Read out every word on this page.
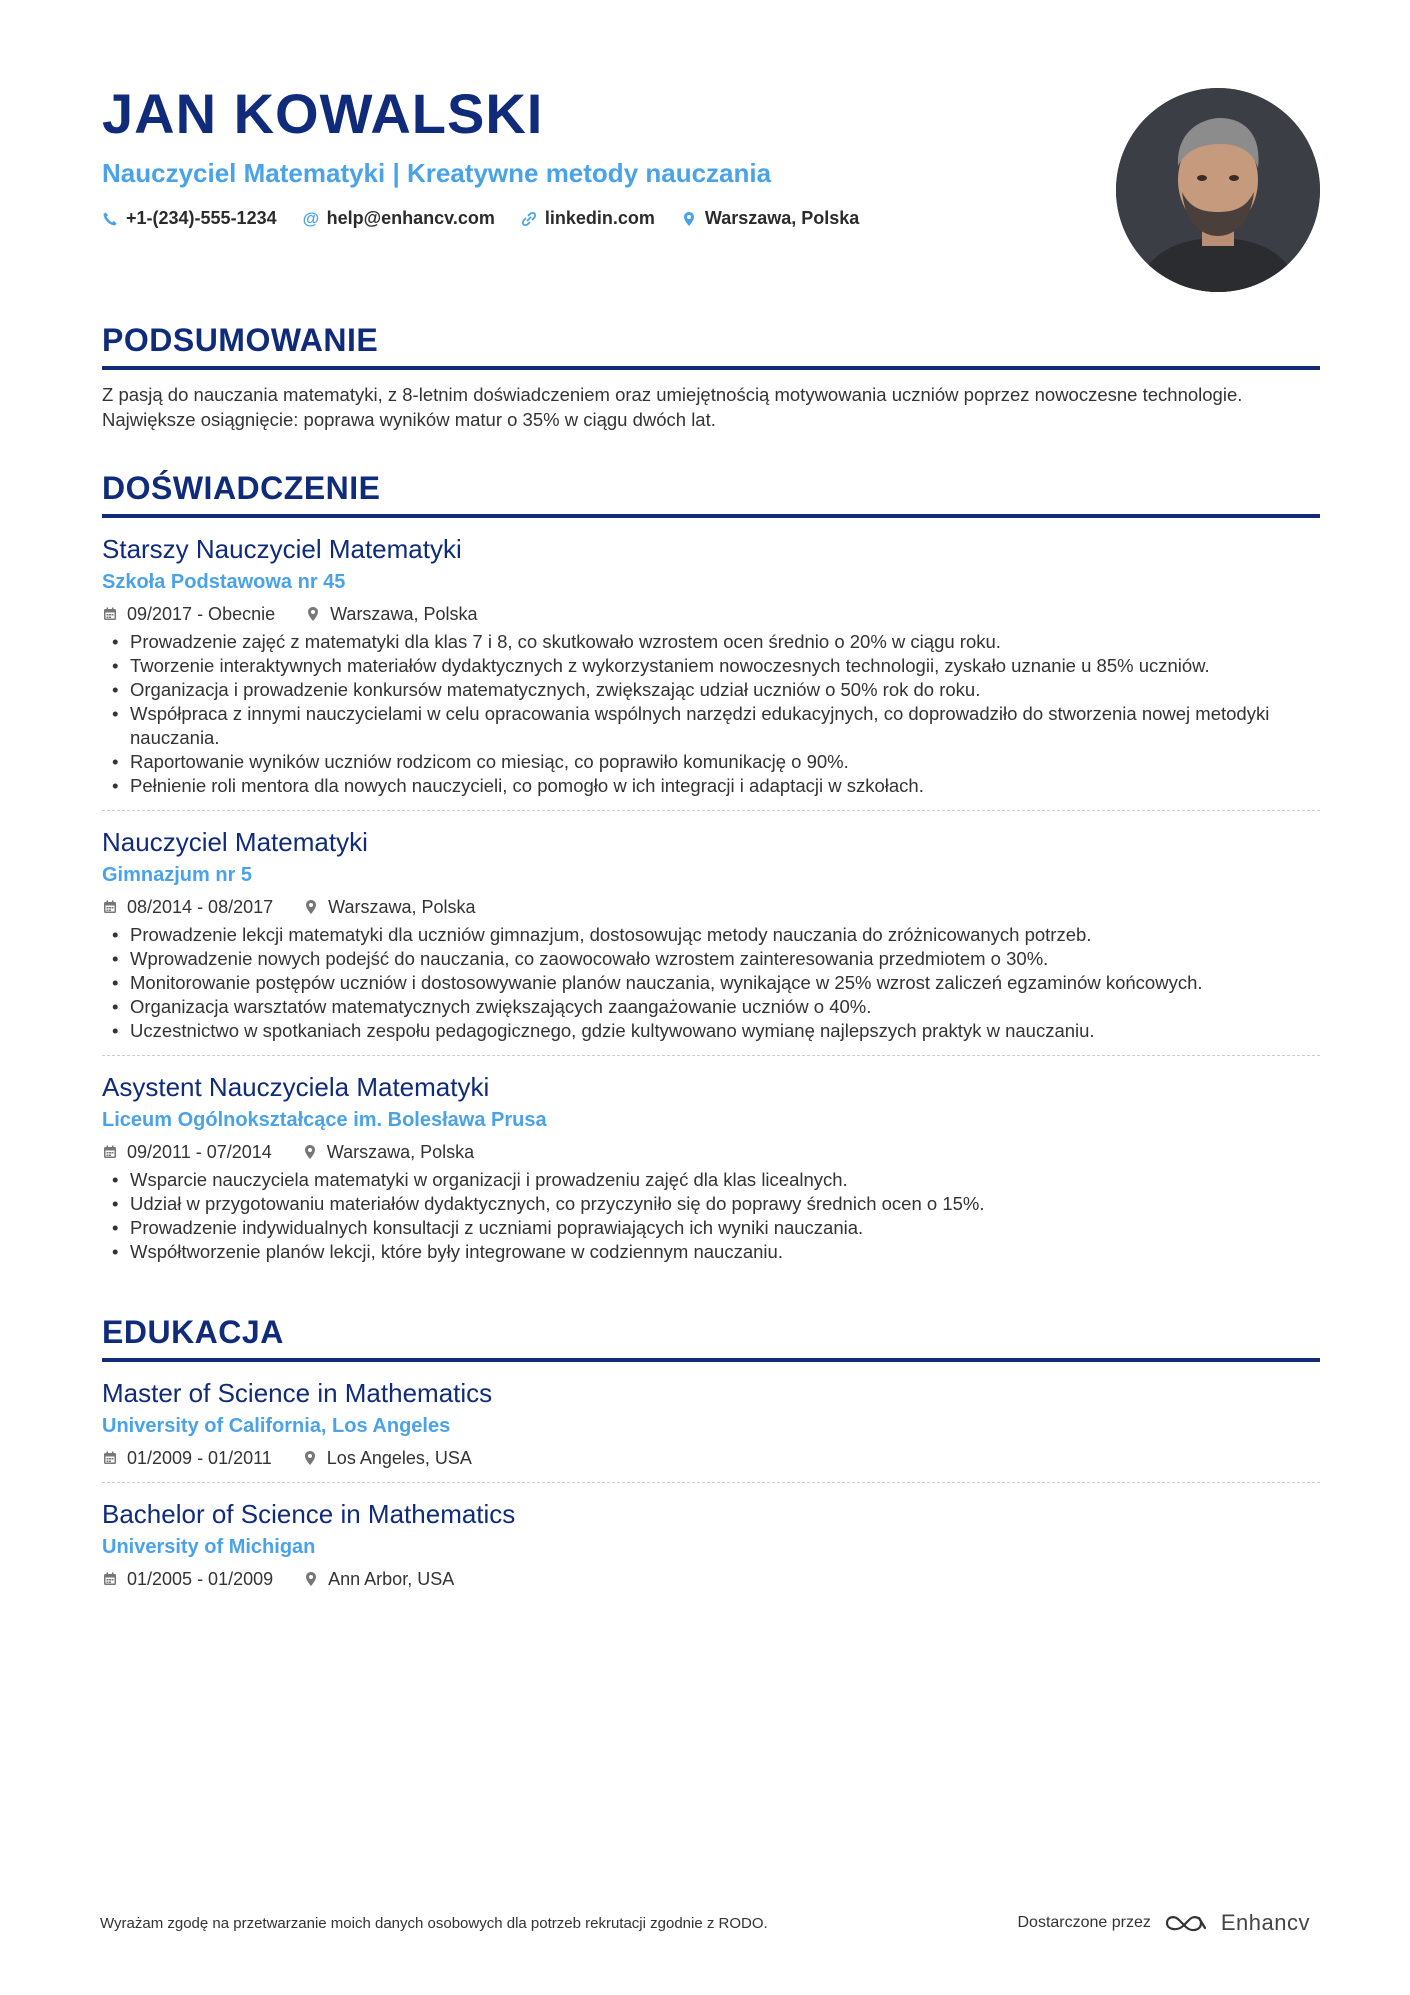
JAN KOWALSKI
Nauczyciel Matematyki | Kreatywne metody nauczania
+1-(234)-555-1234 @ help@enhancv.com	linkedin.com	Warszawa, Polska
PODSUMOWANIE
Z pasją do nauczania matematyki, z 8-letnim doświadczeniem oraz umiejętnością motywowania uczniów poprzez nowoczesne technologie. Największe osiągnięcie: poprawa wyników matur o 35% w ciągu dwóch lat.
DOŚWIADCZENIE
Starszy Nauczyciel Matematyki
Szkoła Podstawowa nr 45
09/2017 - Obecnie	Warszawa, Polska
• Prowadzenie zajęć z matematyki dla klas 7 i 8, co skutkowało wzrostem ocen średnio o 20% w ciągu roku.
• Tworzenie interaktywnych materiałów dydaktycznych z wykorzystaniem nowoczesnych technologii, zyskało uznanie u 85% uczniów.
• Organizacja i prowadzenie konkursów matematycznych, zwiększając udział uczniów o 50% rok do roku.
• Współpraca z innymi nauczycielami w celu opracowania wspólnych narzędzi edukacyjnych, co doprowadziło do stworzenia nowej metodyki nauczania.
• Raportowanie wyników uczniów rodzicom co miesiąc, co poprawiło komunikację o 90%.
• Pełnienie roli mentora dla nowych nauczycieli, co pomogło w ich integracji i adaptacji w szkołach.
Nauczyciel Matematyki
Gimnazjum nr 5
08/2014 - 08/2017	Warszawa, Polska
• Prowadzenie lekcji matematyki dla uczniów gimnazjum, dostosowując metody nauczania do zróżnicowanych potrzeb.
• Wprowadzenie nowych podejść do nauczania, co zaowocowało wzrostem zainteresowania przedmiotem o 30%.
• Monitorowanie postępów uczniów i dostosowywanie planów nauczania, wynikające w 25% wzrost zaliczeń egzaminów końcowych.
• Organizacja warsztatów matematycznych zwiększających zaangażowanie uczniów o 40%.
• Uczestnictwo w spotkaniach zespołu pedagogicznego, gdzie kultywowano wymianę najlepszych praktyk w nauczaniu.
Asystent Nauczyciela Matematyki
Liceum Ogólnokształcące im. Bolesława Prusa
09/2011 - 07/2014	Warszawa, Polska
• Wsparcie nauczyciela matematyki w organizacji i prowadzeniu zajęć dla klas licealnych.
• Udział w przygotowaniu materiałów dydaktycznych, co przyczyniło się do poprawy średnich ocen o 15%.
• Prowadzenie indywidualnych konsultacji z uczniami poprawiających ich wyniki nauczania.
• Współtworzenie planów lekcji, które były integrowane w codziennym nauczaniu.
EDUKACJA
Master of Science in Mathematics
University of California, Los Angeles
01/2009 - 01/2011	Los Angeles, USA
Bachelor of Science in Mathematics
University of Michigan
01/2005 - 01/2009	Ann Arbor, USA
Wyrażam zgodę na przetwarzanie moich danych osobowych dla potrzeb rekrutacji zgodnie z RODO.	Dostarczone przez	Enhancv
